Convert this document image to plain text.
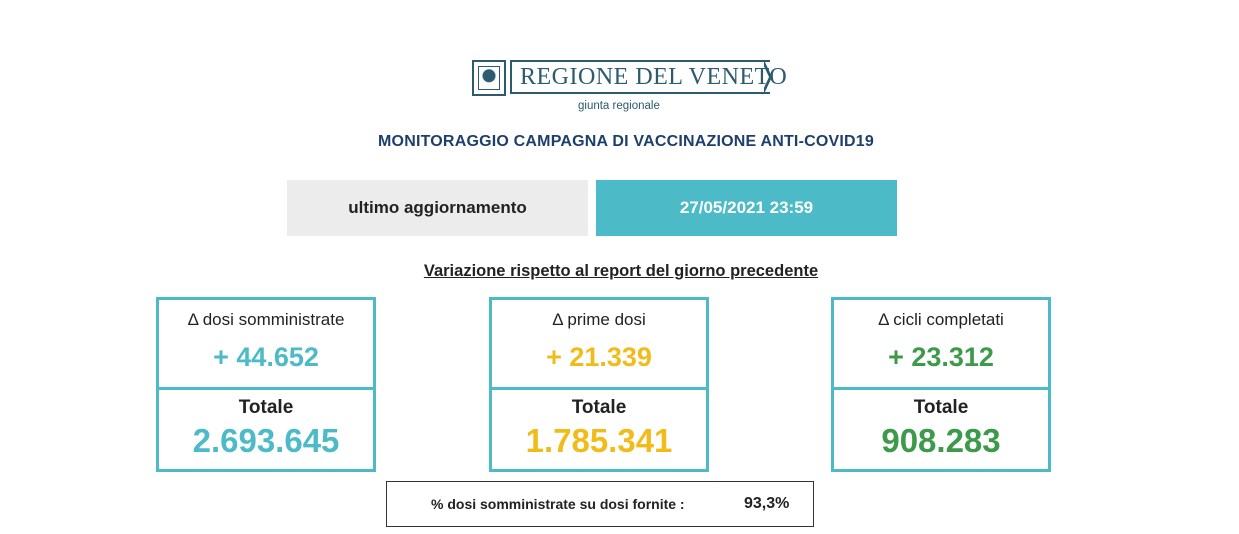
REGIONE DEL VENETO
giunta regionale
MONITORAGGIO CAMPAGNA DI VACCINAZIONE ANTI-COVID19
ultimo aggiornamento	27/05/2021 23:59
Variazione rispetto al report del giorno precedente
Δ dosi somministrate
+ 44.652
Totale
2.693.645
Δ prime dosi
+ 21.339
Totale
1.785.341
Δ cicli completati
+ 23.312
Totale
908.283
% dosi somministrate su dosi fornite :	93,3%
